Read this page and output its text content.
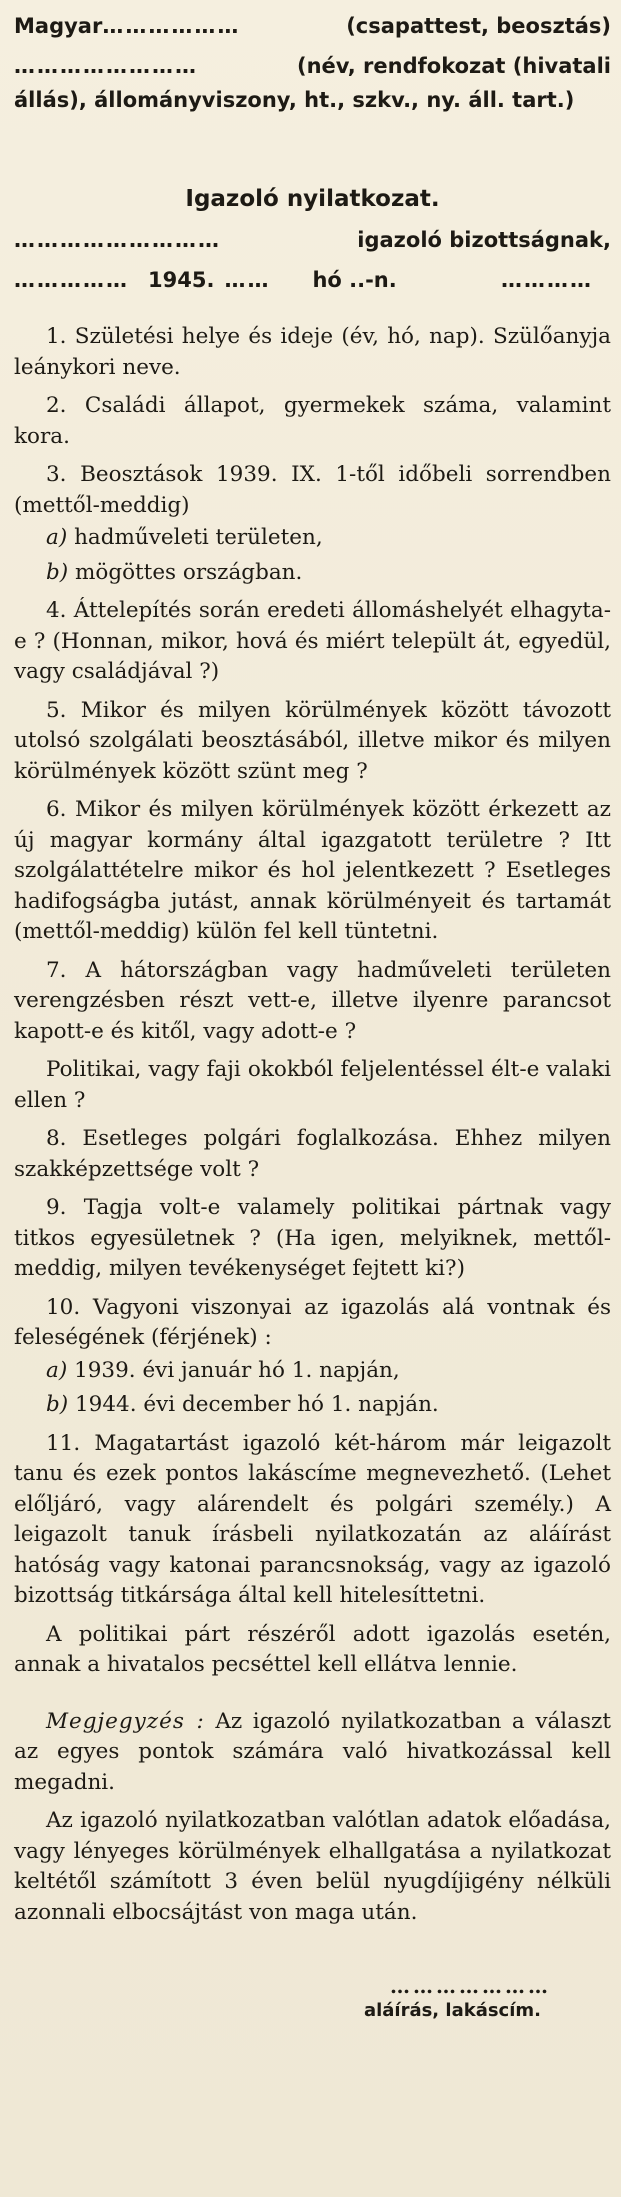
Magyar ………………	(csapattest, beosztás)
……………………	(név, rendfokozat (hivatali
állás), állományviszony, ht., szkv., ny. áll. tart.)
Igazoló nyilatkozat.
………………………	igazoló bizottságnak,
…………… 1945. ……	hó ..-n.	…………

1. Születési helye és ideje (év, hó, nap). Szülőanyja leánykori neve.

2. Családi állapot, gyermekek száma, valamint kora.

3. Beosztások 1939. IX. 1-től időbeli sorrendben (mettől-meddig)

a) hadműveleti területen,

b) mögöttes országban.

4. Áttelepítés során eredeti állomáshelyét elhagyta-e ? (Honnan, mikor, hová és miért települt át, egyedül, vagy családjával ?)

5. Mikor és milyen körülmények között távozott utolsó szolgálati beosztásából, illetve mikor és milyen körülmények között szünt meg ?

6. Mikor és milyen körülmények között érkezett az új magyar kormány által igazgatott területre ? Itt szolgálattételre mikor és hol jelentkezett ? Esetleges hadifogságba jutást, annak körülményeit és tartamát (mettől-meddig) külön fel kell tüntetni.

7. A hátországban vagy hadműveleti területen verengzésben részt vett-e, illetve ilyenre parancsot kapott-e és kitől, vagy adott-e ?

Politikai, vagy faji okokból feljelentéssel élt-e valaki ellen ?

8. Esetleges polgári foglalkozása. Ehhez milyen szakképzettsége volt ?

9. Tagja volt-e valamely politikai pártnak vagy titkos egyesületnek ? (Ha igen, melyiknek, mettől-meddig, milyen tevékenységet fejtett ki?)

10. Vagyoni viszonyai az igazolás alá vontnak és feleségének (férjének) :

a) 1939. évi január hó 1. napján,

b) 1944. évi december hó 1. napján.

11. Magatartást igazoló két-három már leigazolt tanu és ezek pontos lakáscíme megnevezhető. (Lehet előljáró, vagy alárendelt és polgári személy.) A leigazolt tanuk írásbeli nyilatkozatán az aláírást hatóság vagy katonai parancsnokság, vagy az igazoló bizottság titkársága által kell hitelesíttetni.

A politikai párt részéről adott igazolás esetén, annak a hivatalos pecséttel kell ellátva lennie.

Megjegyzés : Az igazoló nyilatkozatban a választ az egyes pontok számára való hivatkozással kell megadni.

Az igazoló nyilatkozatban valótlan adatok előadása, vagy lényeges körülmények elhallgatása a nyilatkozat keltétől számított 3 éven belül nyugdíjigény nélküli azonnali elbocsájtást von maga után.

…………………
aláírás, lakáscím.
